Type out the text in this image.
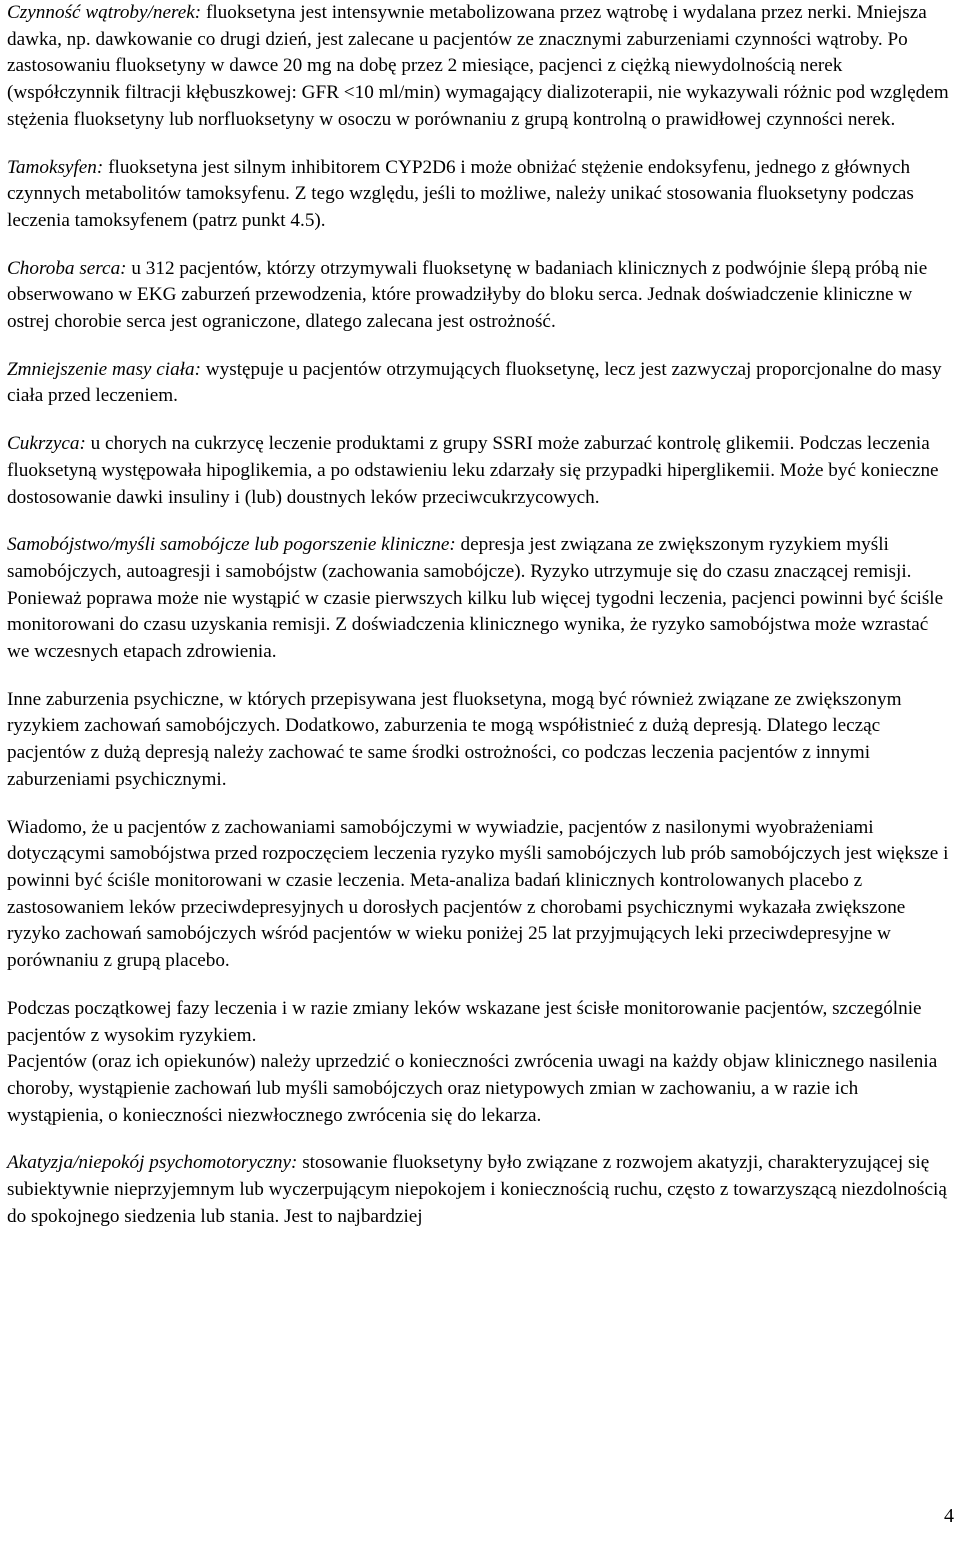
Czynność wątroby/nerek: fluoksetyna jest intensywnie metabolizowana przez wątrobę i wydalana przez nerki. Mniejsza dawka, np. dawkowanie co drugi dzień, jest zalecane u pacjentów ze znacznymi zaburzeniami czynności wątroby. Po zastosowaniu fluoksetyny w dawce 20 mg na dobę przez 2 miesiące, pacjenci z ciężką niewydolnością nerek (współczynnik filtracji kłębuszkowej: GFR <10 ml/min) wymagający dializoterapii, nie wykazywali różnic pod względem stężenia fluoksetyny lub norfluoksetyny w osoczu w porównaniu z grupą kontrolną o prawidłowej czynności nerek.

Tamoksyfen: fluoksetyna jest silnym inhibitorem CYP2D6 i może obniżać stężenie endoksyfenu, jednego z głównych czynnych metabolitów tamoksyfenu. Z tego względu, jeśli to możliwe, należy unikać stosowania fluoksetyny podczas leczenia tamoksyfenem (patrz punkt 4.5).

Choroba serca: u 312 pacjentów, którzy otrzymywali fluoksetynę w badaniach klinicznych z podwójnie ślepą próbą nie obserwowano w EKG zaburzeń przewodzenia, które prowadziłyby do bloku serca. Jednak doświadczenie kliniczne w ostrej chorobie serca jest ograniczone, dlatego zalecana jest ostrożność.

Zmniejszenie masy ciała: występuje u pacjentów otrzymujących fluoksetynę, lecz jest zazwyczaj proporcjonalne do masy ciała przed leczeniem.

Cukrzyca: u chorych na cukrzycę leczenie produktami z grupy SSRI może zaburzać kontrolę glikemii. Podczas leczenia fluoksetyną występowała hipoglikemia, a po odstawieniu leku zdarzały się przypadki hiperglikemii. Może być konieczne dostosowanie dawki insuliny i (lub) doustnych leków przeciwcukrzycowych.

Samobójstwo/myśli samobójcze lub pogorszenie kliniczne: depresja jest związana ze zwiększonym ryzykiem myśli samobójczych, autoagresji i samobójstw (zachowania samobójcze). Ryzyko utrzymuje się do czasu znaczącej remisji. Ponieważ poprawa może nie wystąpić w czasie pierwszych kilku lub więcej tygodni leczenia, pacjenci powinni być ściśle monitorowani do czasu uzyskania remisji. Z doświadczenia klinicznego wynika, że ryzyko samobójstwa może wzrastać we wczesnych etapach zdrowienia.

Inne zaburzenia psychiczne, w których przepisywana jest fluoksetyna, mogą być również związane ze zwiększonym ryzykiem zachowań samobójczych. Dodatkowo, zaburzenia te mogą współistnieć z dużą depresją. Dlatego lecząc pacjentów z dużą depresją należy zachować te same środki ostrożności, co podczas leczenia pacjentów z innymi zaburzeniami psychicznymi.

Wiadomo, że u pacjentów z zachowaniami samobójczymi w wywiadzie, pacjentów z nasilonymi wyobrażeniami dotyczącymi samobójstwa przed rozpoczęciem leczenia ryzyko myśli samobójczych lub prób samobójczych jest większe i powinni być ściśle monitorowani w czasie leczenia. Meta-analiza badań klinicznych kontrolowanych placebo z zastosowaniem leków przeciwdepresyjnych u dorosłych pacjentów z chorobami psychicznymi wykazała zwiększone ryzyko zachowań samobójczych wśród pacjentów w wieku poniżej 25 lat przyjmujących leki przeciwdepresyjne w porównaniu z grupą placebo.

Podczas początkowej fazy leczenia i w razie zmiany leków wskazane jest ścisłe monitorowanie pacjentów, szczególnie pacjentów z wysokim ryzykiem.

Pacjentów (oraz ich opiekunów) należy uprzedzić o konieczności zwrócenia uwagi na każdy objaw klinicznego nasilenia choroby, wystąpienie zachowań lub myśli samobójczych oraz nietypowych zmian w zachowaniu, a w razie ich wystąpienia, o konieczności niezwłocznego zwrócenia się do lekarza.

Akatyzja/niepokój psychomotoryczny: stosowanie fluoksetyny było związane z rozwojem akatyzji, charakteryzującej się subiektywnie nieprzyjemnym lub wyczerpującym niepokojem i koniecznością ruchu, często z towarzyszącą niezdolnością do spokojnego siedzenia lub stania. Jest to najbardziej

4
